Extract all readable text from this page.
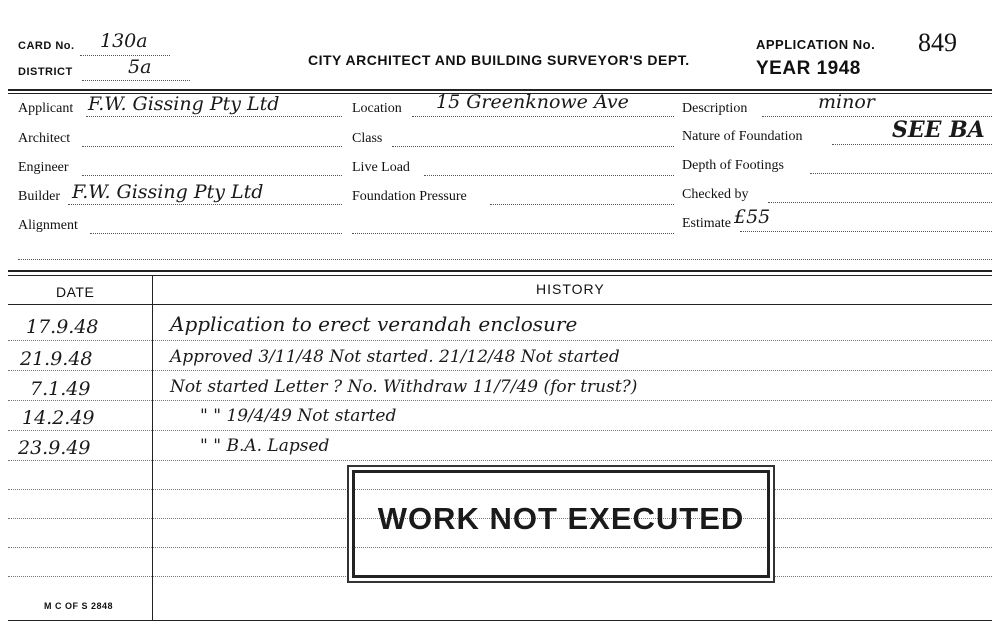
CARD No. 130a
DISTRICT	5a	CITY ARCHITECT AND BUILDING SURVEYOR'S DEPT.
APPLICATION No. 849
YEAR 1948
Applicant F.W. Gissing Pty Ltd
Architect
Engineer
Builder F.W. Gissing Pty Ltd
Alignment
Location 15 Greenknowe Ave
Class
Live Load
Foundation Pressure
Description	minor
Nature of Foundation	SEE BA
Depth of Footings
Checked by
Estimate £55
DATE	HISTORY
17.9.48	Application to erect verandah enclosure
21.9.48	Approved 3/11/48 Not started. 21/12/48 Not started
7.1.49	Not started Letter ? No. Withdraw 11/7/49 (for trust?)
14.2.49	" " 19/4/49 Not started
23.9.49	" " B.A. Lapsed
WORK NOT EXECUTED
M C OF S 2848
